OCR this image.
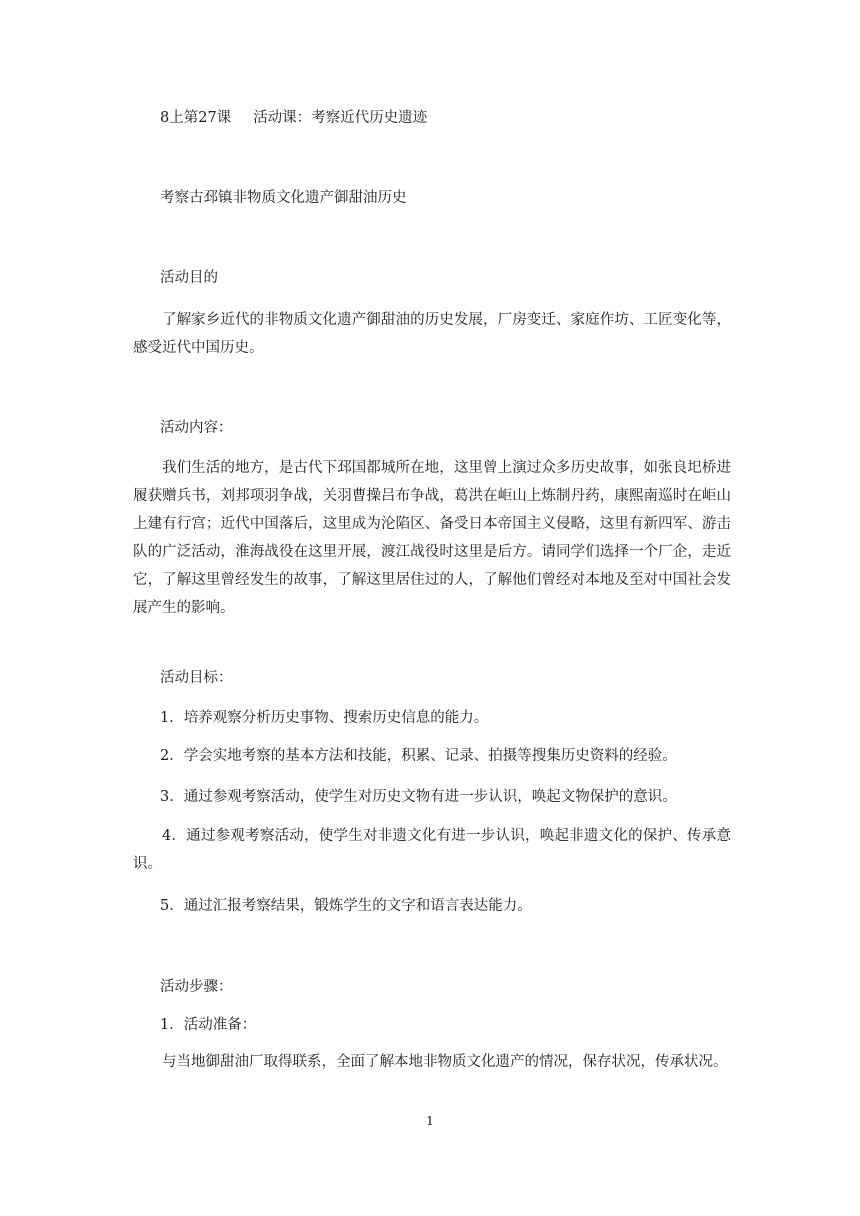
8上第27课 活动课：考察近代历史遗迹
考察古邳镇非物质文化遗产御甜油历史
活动目的
了解家乡近代的非物质文化遗产御甜油的历史发展，厂房变迁、家庭作坊、工匠变化等，感受近代中国历史。
活动内容：
我们生活的地方，是古代下邳国都城所在地，这里曾上演过众多历史故事，如张良圯桥进履获赠兵书，刘邦项羽争战，关羽曹操吕布争战，葛洪在岠山上炼制丹药，康熙南巡时在岠山上建有行宫；近代中国落后，这里成为沦陷区、备受日本帝国主义侵略，这里有新四军、游击队的广泛活动，淮海战役在这里开展，渡江战役时这里是后方。请同学们选择一个厂企，走近它，了解这里曾经发生的故事，了解这里居住过的人，了解他们曾经对本地及至对中国社会发展产生的影响。
活动目标：
1．培养观察分析历史事物、搜索历史信息的能力。
2．学会实地考察的基本方法和技能，积累、记录、拍摄等搜集历史资料的经验。
3．通过参观考察活动，使学生对历史文物有进一步认识，唤起文物保护的意识。
4．通过参观考察活动，使学生对非遗文化有进一步认识，唤起非遗文化的保护、传承意识。
5．通过汇报考察结果，锻炼学生的文字和语言表达能力。
活动步骤：
1．活动准备：
与当地御甜油厂取得联系，全面了解本地非物质文化遗产的情况，保存状况，传承状况。
1
